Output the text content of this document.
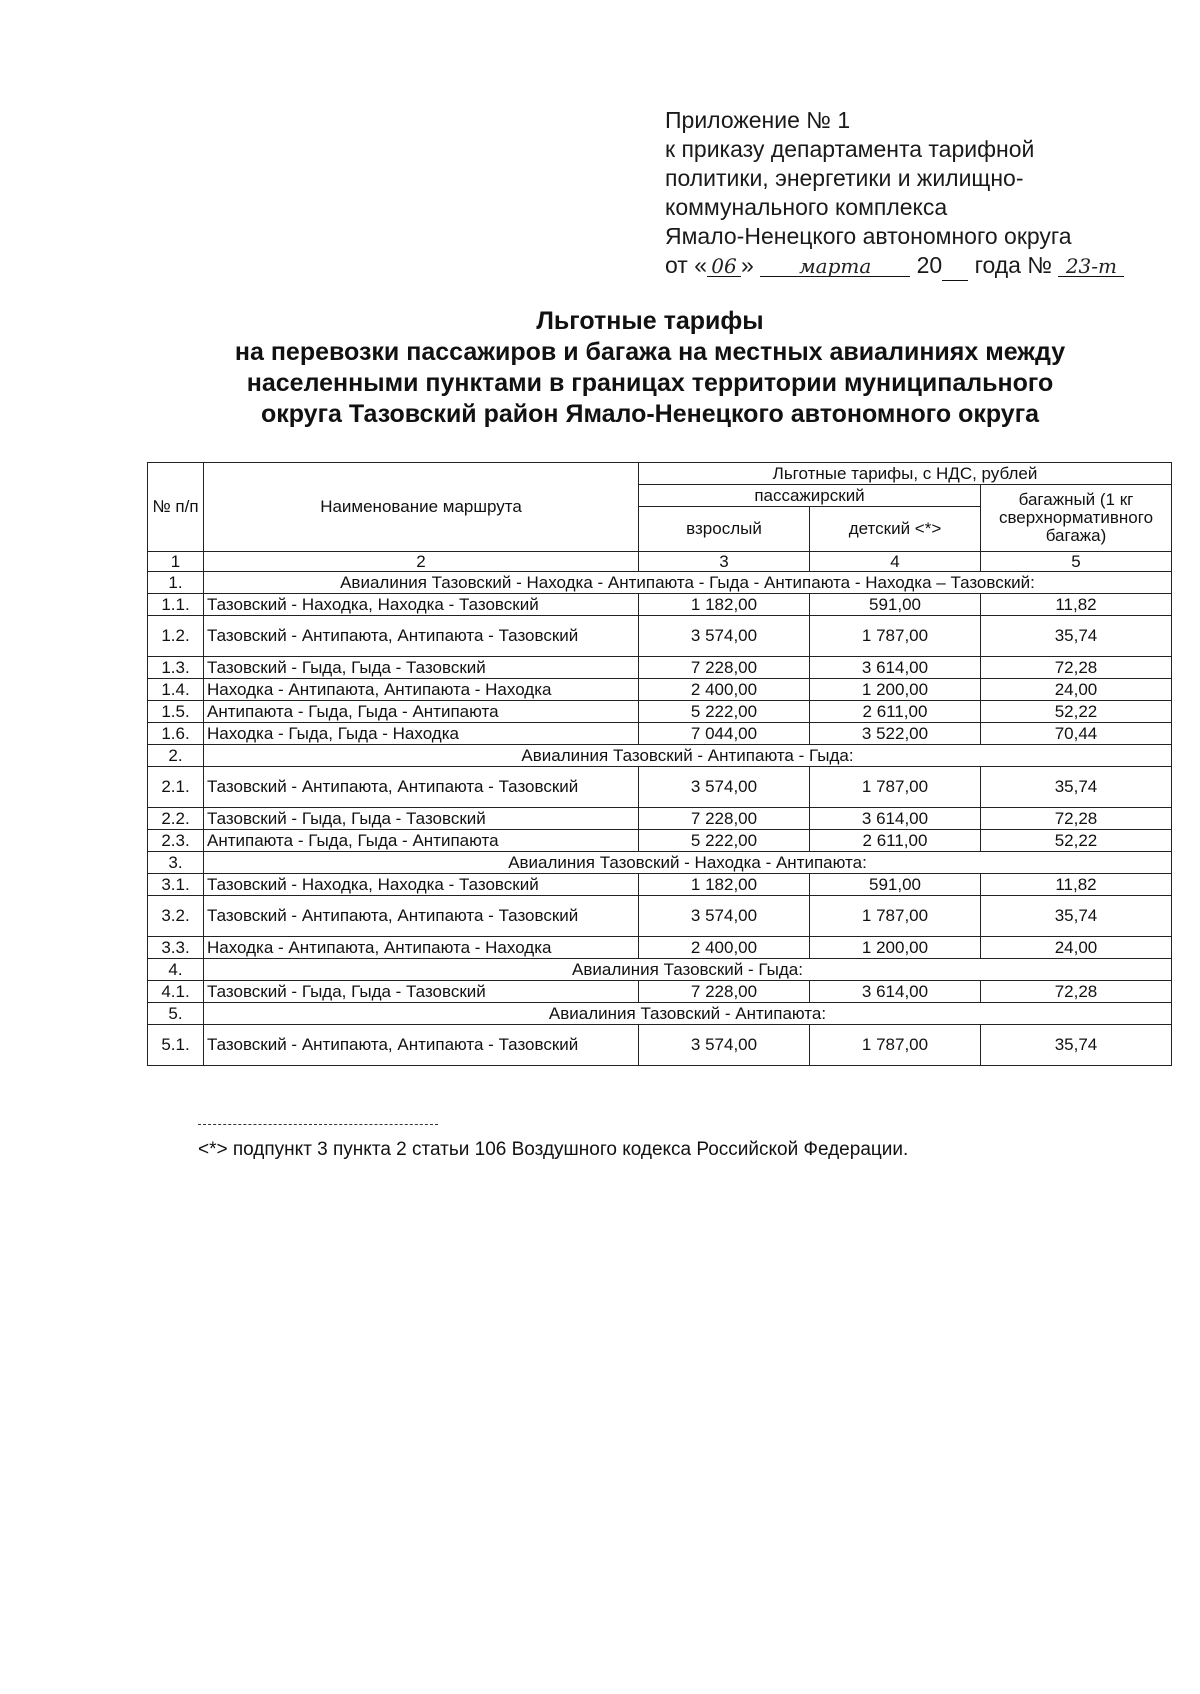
Приложение № 1
к приказу департамента тарифной
политики, энергетики и жилищно-
коммунального комплекса
Ямало-Ненецкого автономного округа
от « 06 » марта 20 года № 23-т
Льготные тарифы
на перевозки пассажиров и багажа на местных авиалиниях между
населенными пунктами в границах территории муниципального
округа Тазовский район Ямало-Ненецкого автономного округа
№ п/п	Наименование маршрута	Льготные тарифы, с НДС, рублей		
		пассажирский		багажный (1 кг сверхнормативного багажа)
		взрослый	детский <*>	
1	2	3	4	5
1.	Авиалиния Тазовский - Находка - Антипаюта - Гыда - Антипаюта - Находка – Тазовский:			
1.1.	Тазовский - Находка, Находка - Тазовский	1 182,00	591,00	11,82
1.2.	Тазовский - Антипаюта, Антипаюта - Тазовский	3 574,00	1 787,00	35,74
1.3.	Тазовский - Гыда, Гыда - Тазовский	7 228,00	3 614,00	72,28
1.4.	Находка - Антипаюта, Антипаюта - Находка	2 400,00	1 200,00	24,00
1.5.	Антипаюта - Гыда, Гыда - Антипаюта	5 222,00	2 611,00	52,22
1.6.	Находка - Гыда, Гыда - Находка	7 044,00	3 522,00	70,44
2.	Авиалиния Тазовский - Антипаюта - Гыда:			
2.1.	Тазовский - Антипаюта, Антипаюта - Тазовский	3 574,00	1 787,00	35,74
2.2.	Тазовский - Гыда, Гыда - Тазовский	7 228,00	3 614,00	72,28
2.3.	Антипаюта - Гыда, Гыда - Антипаюта	5 222,00	2 611,00	52,22
3.	Авиалиния Тазовский - Находка - Антипаюта:			
3.1.	Тазовский - Находка, Находка - Тазовский	1 182,00	591,00	11,82
3.2.	Тазовский - Антипаюта, Антипаюта - Тазовский	3 574,00	1 787,00	35,74
3.3.	Находка - Антипаюта, Антипаюта - Находка	2 400,00	1 200,00	24,00
4.	Авиалиния Тазовский - Гыда:			
4.1.	Тазовский - Гыда, Гыда - Тазовский	7 228,00	3 614,00	72,28
5.	Авиалиния Тазовский - Антипаюта:			
5.1.	Тазовский - Антипаюта, Антипаюта - Тазовский	3 574,00	1 787,00	35,74
<*> подпункт 3 пункта 2 статьи 106 Воздушного кодекса Российской Федерации.
